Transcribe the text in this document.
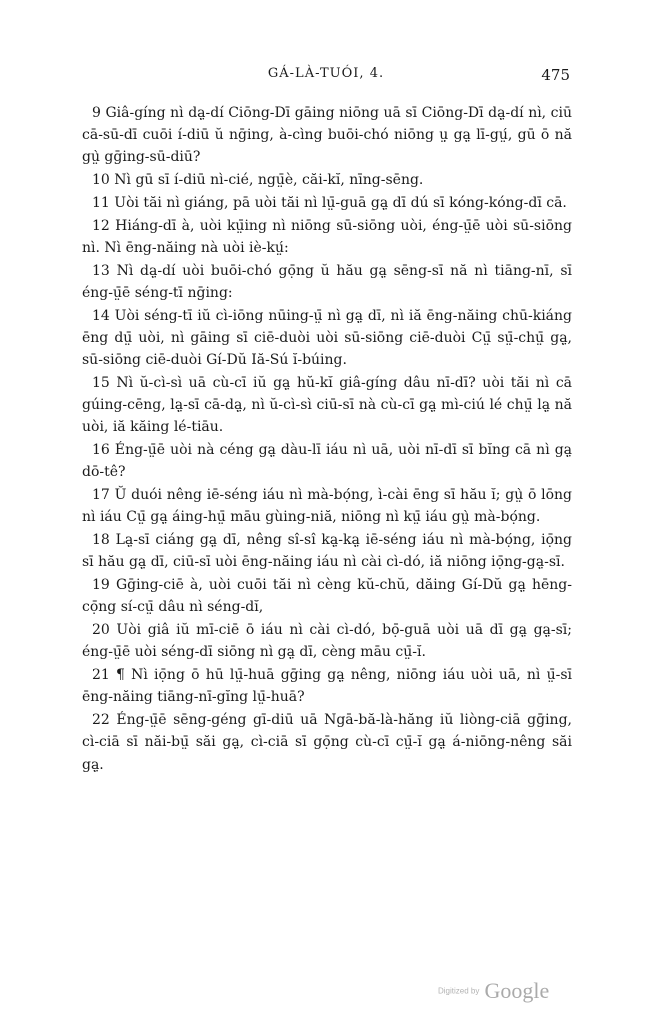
GÁ-LÀ-TUÓI, 4.	475

9 Giâ-gíng nì dạ̤-dí Ciōng-Dī gāing niōng uā sī Ciōng-Dī dạ̤-dí nì, ciū cā-sū-dī cuōi í-diū ŭ nḡing, à-cìng buōi-chó niōng ṳ̣ gạ̤ lī-gṳ́, gū ō nă gṳ̀ gḡing-sū-diū?

10 Nì gū sī í-diū nì-cié, ngṳ̄è, căi-kĭ, nīng-sēng.

11 Uòi tăi nì giáng, pā uòi tăi nì lṳ̄-guā gạ̤ dī dú sī kóng-kóng-dī cā.

12 Hiáng-dī à, uòi kṳ̄ing nì niōng sū-siōng uòi, éng-ṳ̄ē uòi sū-siōng nì. Nì ēng-năing nà uòi iè-kṳ́:

13 Nì dạ̤-dí uòi buōi-chó gọ̄ng ŭ hău gạ̤ sēng-sī nă nì tiāng-nī, sī éng-ṳ̄ē séng-tī nḡing:

14 Uòi séng-tī iŭ cì-iōng nūing-ṳ̄ nì gạ̤ dī, nì iă ēng-năing chū-kiáng ēng dṳ̄ uòi, nì gāing sī ciē-duòi uòi sū-siōng ciē-duòi Cṳ̄ sṳ̄-chṳ̄ gạ̤, sū-siōng ciē-duòi Gí-Dŭ Iă-Sú ĭ-búing.

15 Nì ŭ-cì-sì uā cù-cī iŭ gạ̤ hŭ-kĭ giâ-gíng dâu nī-dī? uòi tăi nì cā gúing-cēng, lạ̤-sī cā-dạ̤, nì ŭ-cì-sì ciū-sī nà cù-cī gạ̤ mì-ciú lé chṳ̄ lạ̤ nă uòi, iă kăing lé-tiāu.

16 Éng-ṳ̄ē uòi nà céng gạ̤ dàu-lī iáu nì uā, uòi nī-dī sī bĭng cā nì gạ̤ dō-tê?

17 Ŭ duói nêng iē-séng iáu nì mà-bọ́ng, ì-cài ēng sī hău ĭ; gṳ̀ ō lōng nì iáu Cṳ̄ gạ̤ áing-hṳ̄ māu gùing-niă, niōng nì kṳ̄ iáu gṳ̀ mà-bọ́ng.

18 Lạ̤-sī ciáng gạ̤ dī, nêng sî-sî kạ̤-kạ̤ iē-séng iáu nì mà-bọ́ng, iọ̄ng sī hău gạ̤ dī, ciū-sī uòi ēng-năing iáu nì cài cì-dó, iă niōng iọ̄ng-gạ̤-sī.

19 Gḡing-ciē à, uòi cuōi tăi nì cèng kŭ-chŭ, dăing Gí-Dŭ gạ̤ hēng-cọ̄ng sí-cṳ̄ dâu nì séng-dĭ,

20 Uòi giâ iŭ mī-ciē ō iáu nì cài cì-dó, bọ̄-guā uòi uā dī gạ̤ gạ̤-sī; éng-ṳ̄ē uòi séng-dī siōng nì gạ̤ dī, cèng māu cṳ̄-ĭ.

21 ¶ Nì iọ̄ng ō hū lṳ̄-huā gḡing gạ̤ nêng, niōng iáu uòi uā, nì ṳ̄-sī ēng-năing tiāng-nī-gĭng lṳ̄-huā?

22 Éng-ṳ̄ē sēng-géng gī-diū uā Ngā-bă-là-hăng iŭ liòng-ciā gḡing, cì-ciā sī năi-bṳ̄ săi gạ̤, cì-ciā sī gọ̄ng cù-cī cṳ̄-ĭ gạ̤ á-niōng-nêng săi gạ̤.

Digitized by Google
